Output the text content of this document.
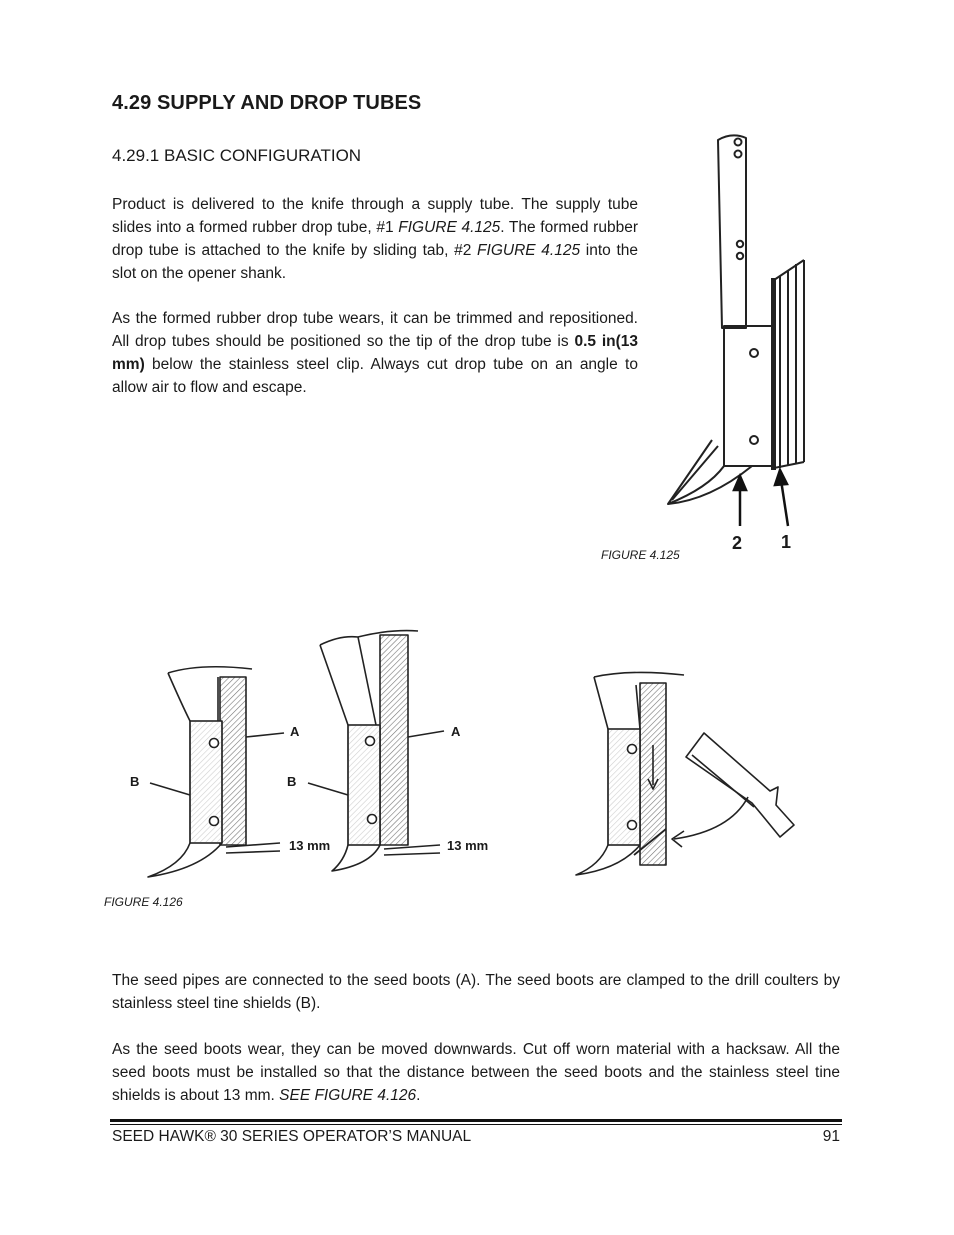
4.29 SUPPLY AND DROP TUBES
4.29.1 BASIC CONFIGURATION

Product is delivered to the knife through a supply tube. The supply tube slides into a formed rubber drop tube, #1 FIGURE 4.125. The formed rubber drop tube is attached to the knife by sliding tab, #2 FIGURE 4.125 into the slot on the opener shank.

As the formed rubber drop tube wears, it can be trimmed and repositioned. All drop tubes should be positioned so the tip of the drop tube is 0.5 in(13 mm) below the stainless steel clip. Always cut drop tube on an angle to allow air to flow and escape.

2 1
FIGURE 4.125
A
B
13 mm
A
B
13 mm
FIGURE 4.126

The seed pipes are connected to the seed boots (A). The seed boots are clamped to the drill coulters by stainless steel tine shields (B).

As the seed boots wear, they can be moved downwards. Cut off worn material with a hacksaw. All the seed boots must be installed so that the distance between the seed boots and the stainless steel tine shields is about 13 mm. SEE FIGURE 4.126.

SEED HAWK® 30 SERIES OPERATOR’S MANUAL	91
